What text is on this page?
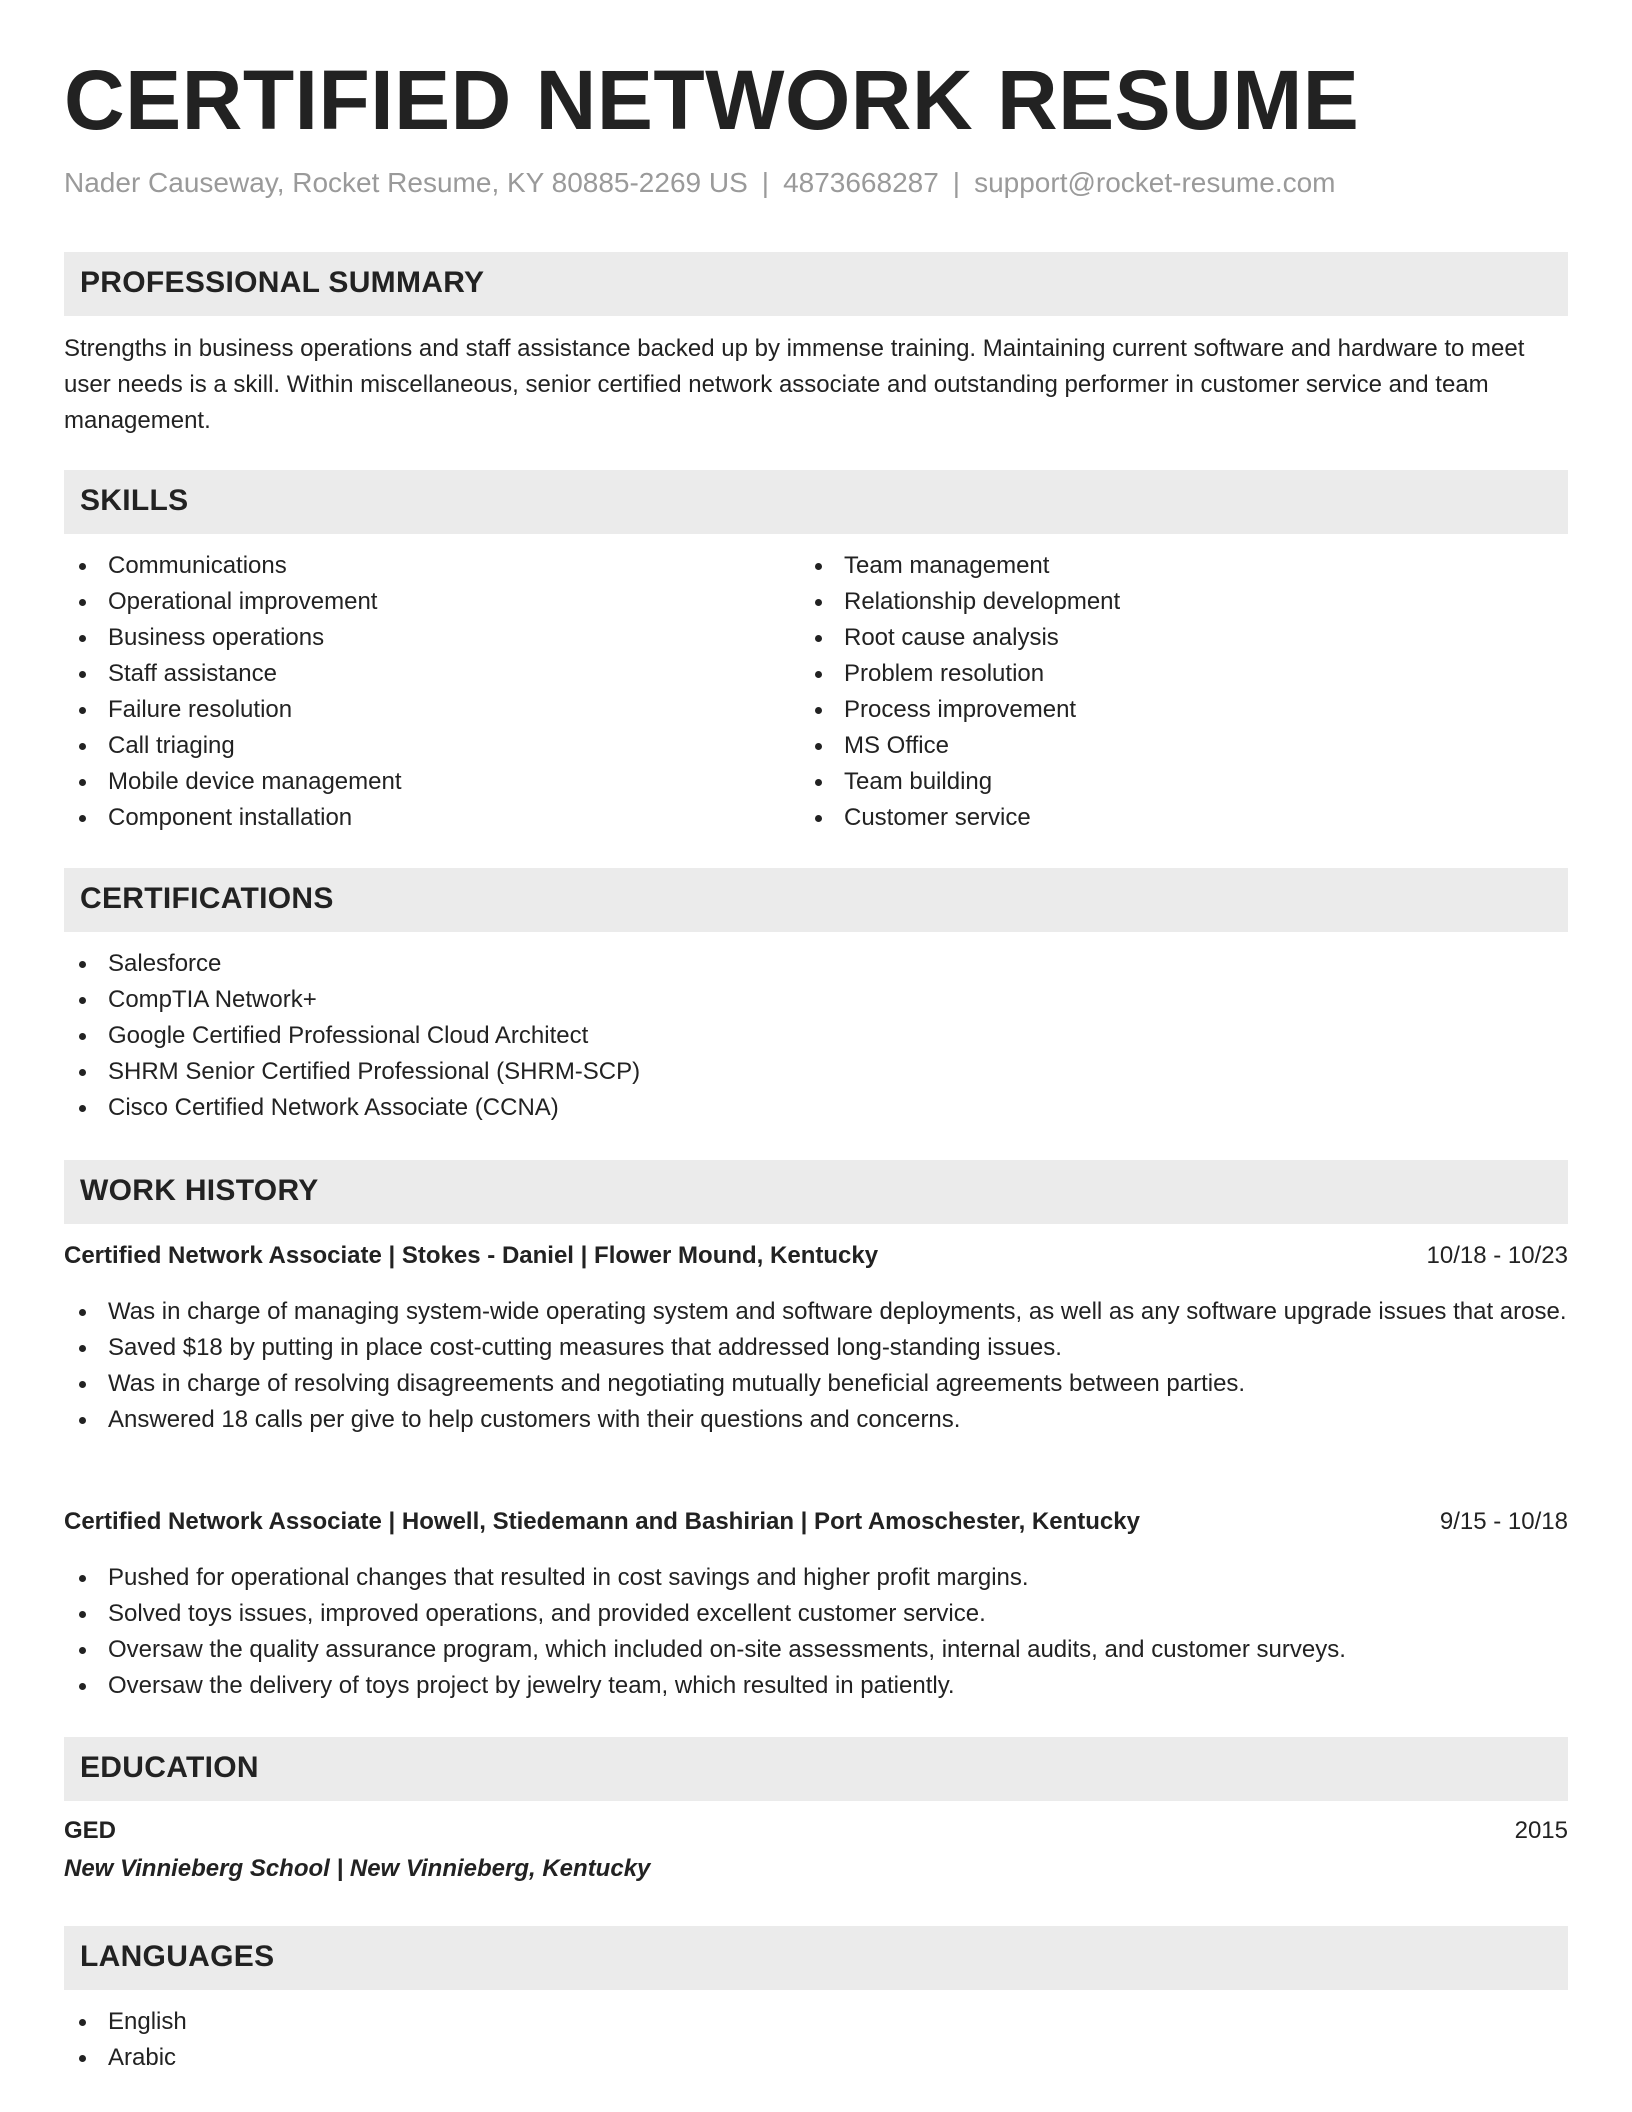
CERTIFIED NETWORK RESUME
Nader Causeway, Rocket Resume, KY 80885-2269 US | 4873668287 | support@rocket-resume.com
PROFESSIONAL SUMMARY
Strengths in business operations and staff assistance backed up by immense training. Maintaining current software and hardware to meet user needs is a skill. Within miscellaneous, senior certified network associate and outstanding performer in customer service and team management.
SKILLS
Communications
Operational improvement
Business operations
Staff assistance
Failure resolution
Call triaging
Mobile device management
Component installation
Team management
Relationship development
Root cause analysis
Problem resolution
Process improvement
MS Office
Team building
Customer service
CERTIFICATIONS
Salesforce
CompTIA Network+
Google Certified Professional Cloud Architect
SHRM Senior Certified Professional (SHRM-SCP)
Cisco Certified Network Associate (CCNA)
WORK HISTORY
Certified Network Associate | Stokes - Daniel | Flower Mound, Kentucky	10/18 - 10/23
Was in charge of managing system-wide operating system and software deployments, as well as any software upgrade issues that arose.
Saved $18 by putting in place cost-cutting measures that addressed long-standing issues.
Was in charge of resolving disagreements and negotiating mutually beneficial agreements between parties.
Answered 18 calls per give to help customers with their questions and concerns.
Certified Network Associate | Howell, Stiedemann and Bashirian | Port Amoschester, Kentucky	9/15 - 10/18
Pushed for operational changes that resulted in cost savings and higher profit margins.
Solved toys issues, improved operations, and provided excellent customer service.
Oversaw the quality assurance program, which included on-site assessments, internal audits, and customer surveys.
Oversaw the delivery of toys project by jewelry team, which resulted in patiently.
EDUCATION
GED	2015
New Vinnieberg School | New Vinnieberg, Kentucky
LANGUAGES
English
Arabic
